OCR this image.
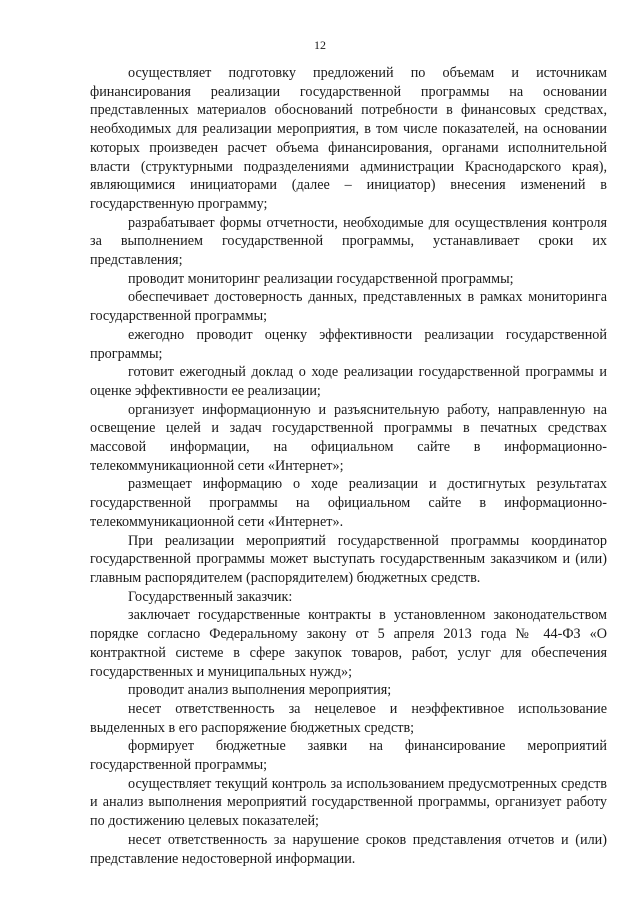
12

осуществляет подготовку предложений по объемам и источникам финансирования реализации государственной программы на основании представленных материалов обоснований потребности в финансовых средствах, необходимых для реализации мероприятия, в том числе показателей, на основании которых произведен расчет объема финансирования, органами исполнительной власти (структурными подразделениями администрации Краснодарского края), являющимися инициаторами (далее – инициатор) внесения изменений в государственную программу;

разрабатывает формы отчетности, необходимые для осуществления контроля за выполнением государственной программы, устанавливает сроки их представления;

проводит мониторинг реализации государственной программы;

обеспечивает достоверность данных, представленных в рамках мониторинга государственной программы;

ежегодно проводит оценку эффективности реализации государственной программы;

готовит ежегодный доклад о ходе реализации государственной программы и оценке эффективности ее реализации;

организует информационную и разъяснительную работу, направленную на освещение целей и задач государственной программы в печатных средствах массовой информации, на официальном сайте в информационно-телекоммуникационной сети «Интернет»;

размещает информацию о ходе реализации и достигнутых результатах государственной программы на официальном сайте в информационно-телекоммуникационной сети «Интернет».

При реализации мероприятий государственной программы координатор государственной программы может выступать государственным заказчиком и (или) главным распорядителем (распорядителем) бюджетных средств.

Государственный заказчик:

заключает государственные контракты в установленном законодательством порядке согласно Федеральному закону от 5 апреля 2013 года № 44-ФЗ «О контрактной системе в сфере закупок товаров, работ, услуг для обеспечения государственных и муниципальных нужд»;

проводит анализ выполнения мероприятия;

несет ответственность за нецелевое и неэффективное использование выделенных в его распоряжение бюджетных средств;

формирует бюджетные заявки на финансирование мероприятий государственной программы;

осуществляет текущий контроль за использованием предусмотренных средств и анализ выполнения мероприятий государственной программы, организует работу по достижению целевых показателей;

несет ответственность за нарушение сроков представления отчетов и (или) представление недостоверной информации.
